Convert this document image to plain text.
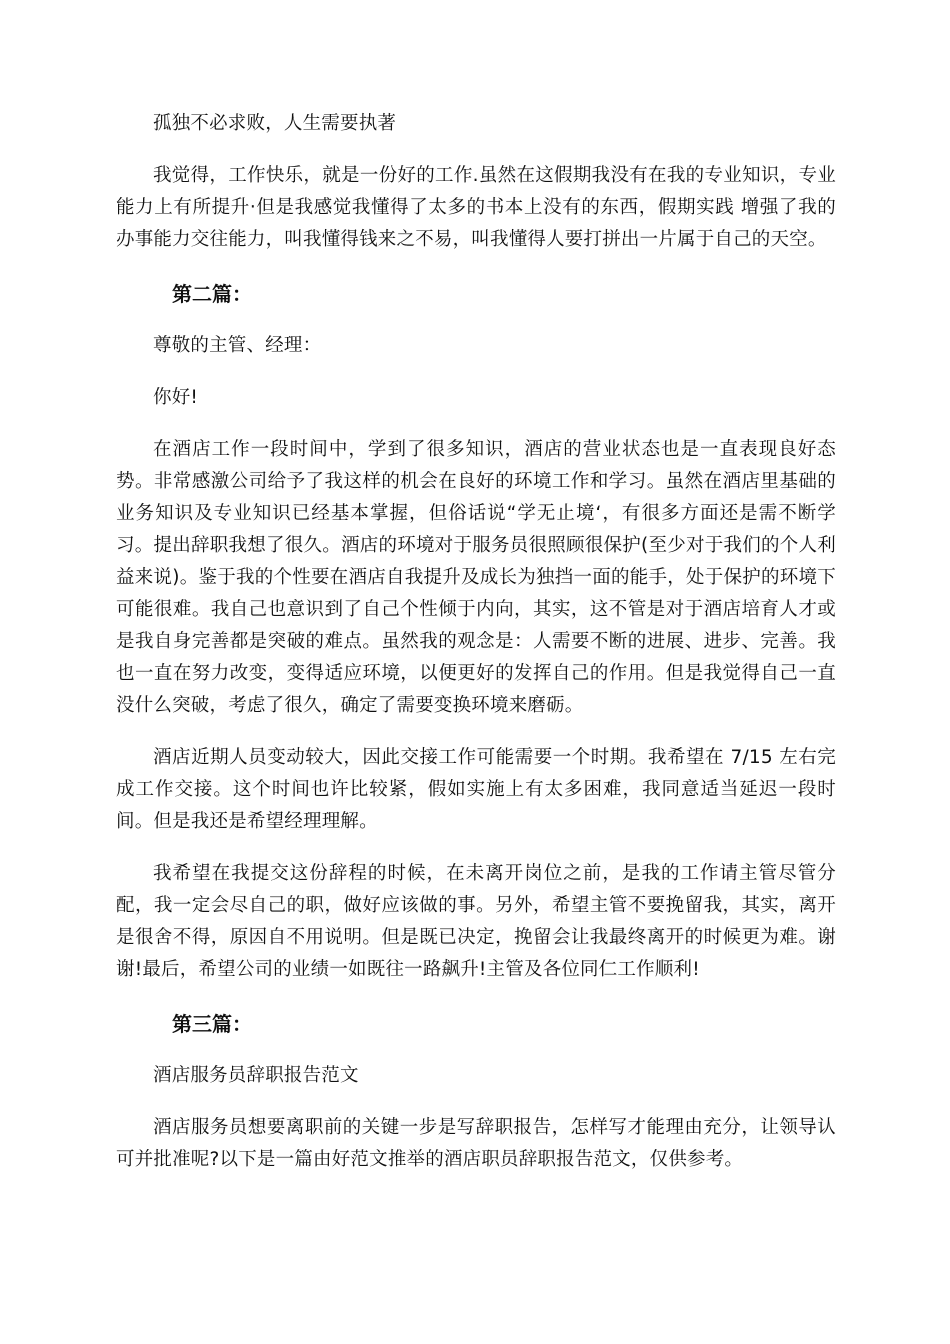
孤独不必求败，人生需要执著

我觉得，工作快乐，就是一份好的工作.虽然在这假期我没有在我的专业知识，专业能力上有所提升·但是我感觉我懂得了太多的书本上没有的东西，假期实践 增强了我的办事能力交往能力，叫我懂得钱来之不易，叫我懂得人要打拼出一片属于自己的天空。

第二篇：

尊敬的主管、经理：

你好!

在酒店工作一段时间中，学到了很多知识，酒店的营业状态也是一直表现良好态势。非常感激公司给予了我这样的机会在良好的环境工作和学习。虽然在酒店里基础的业务知识及专业知识已经基本掌握，但俗话说“学无止境‘，有很多方面还是需不断学习。提出辞职我想了很久。酒店的环境对于服务员很照顾很保护(至少对于我们的个人利益来说)。鉴于我的个性要在酒店自我提升及成长为独挡一面的能手，处于保护的环境下可能很难。我自己也意识到了自己个性倾于内向，其实，这不管是对于酒店培育人才或是我自身完善都是突破的难点。虽然我的观念是：人需要不断的进展、进步、完善。我也一直在努力改变，变得适应环境，以便更好的发挥自己的作用。但是我觉得自己一直没什么突破，考虑了很久，确定了需要变换环境来磨砺。

酒店近期人员变动较大，因此交接工作可能需要一个时期。我希望在 7/15 左右完成工作交接。这个时间也许比较紧，假如实施上有太多困难，我同意适当延迟一段时间。但是我还是希望经理理解。

我希望在我提交这份辞程的时候，在未离开岗位之前，是我的工作请主管尽管分配，我一定会尽自己的职，做好应该做的事。另外，希望主管不要挽留我，其实，离开是很舍不得，原因自不用说明。但是既已决定，挽留会让我最终离开的时候更为难。谢谢!最后，希望公司的业绩一如既往一路飙升!主管及各位同仁工作顺利!

第三篇：

酒店服务员辞职报告范文

酒店服务员想要离职前的关键一步是写辞职报告，怎样写才能理由充分，让领导认可并批准呢?以下是一篇由好范文推举的酒店职员辞职报告范文，仅供参考。
